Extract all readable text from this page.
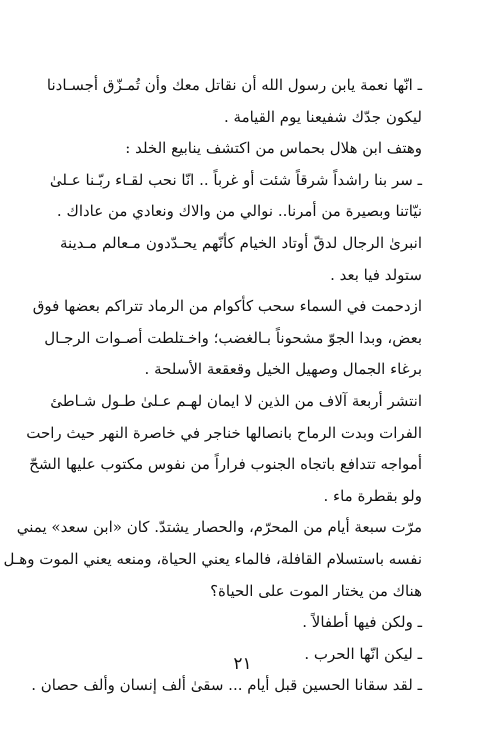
ـ انّها نعمة يابن رسول الله أن نقاتل معك وأن تُمـزّق أجسـادنا
ليكون جدّك شفيعنا يوم القيامة .
وهتف ابن هلال بحماس من اكتشف ينابيع الخلد :
ـ سر بنا راشداً شرقاً شئت أو غرباً .. انّا نحب لقـاء ربّـنا عـلىٰ
نيّاتنا وبصيرة من أمرنا.. نوالي من والاك ونعادي من عاداك .
انبرىٰ الرجال لدقّ أوتاد الخيام كأنّهم يحـدّدون مـعالم مـدينة
ستولد فيا بعد .
ازدحمت في السماء سحب كأكوام من الرماد تتراكم بعضها فوق
بعض، وبدا الجوّ مشحوناً بـالغضب؛ واخـتلطت أصـوات الرجـال
برغاء الجمال وصهيل الخيل وقعقعة الأسلحة .
انتشر أربعة آلاف من الذين لا ايمان لهـم عـلىٰ طـول شـاطئ
الفرات وبدت الرماح بانصالها خناجر في خاصرة النهر حيث راحت
أمواجه تتدافع باتجاه الجنوب فراراً من نفوس مكتوب عليها الشحّ
ولو بقطرة ماء .
مرّت سبعة أيام من المحرّم، والحصار يشتدّ. كان «ابن سعد» يمني
نفسه باستسلام القافلة، فالماء يعني الحياة، ومنعه يعني الموت وهـل
هناك من يختار الموت على الحياة؟
ـ ولكن فيها أطفالاً .
ـ ليكن انّها الحرب .
ـ لقد سقانا الحسين قبل أيام ... سقىٰ ألف إنسان وألف حصان .
٢١
